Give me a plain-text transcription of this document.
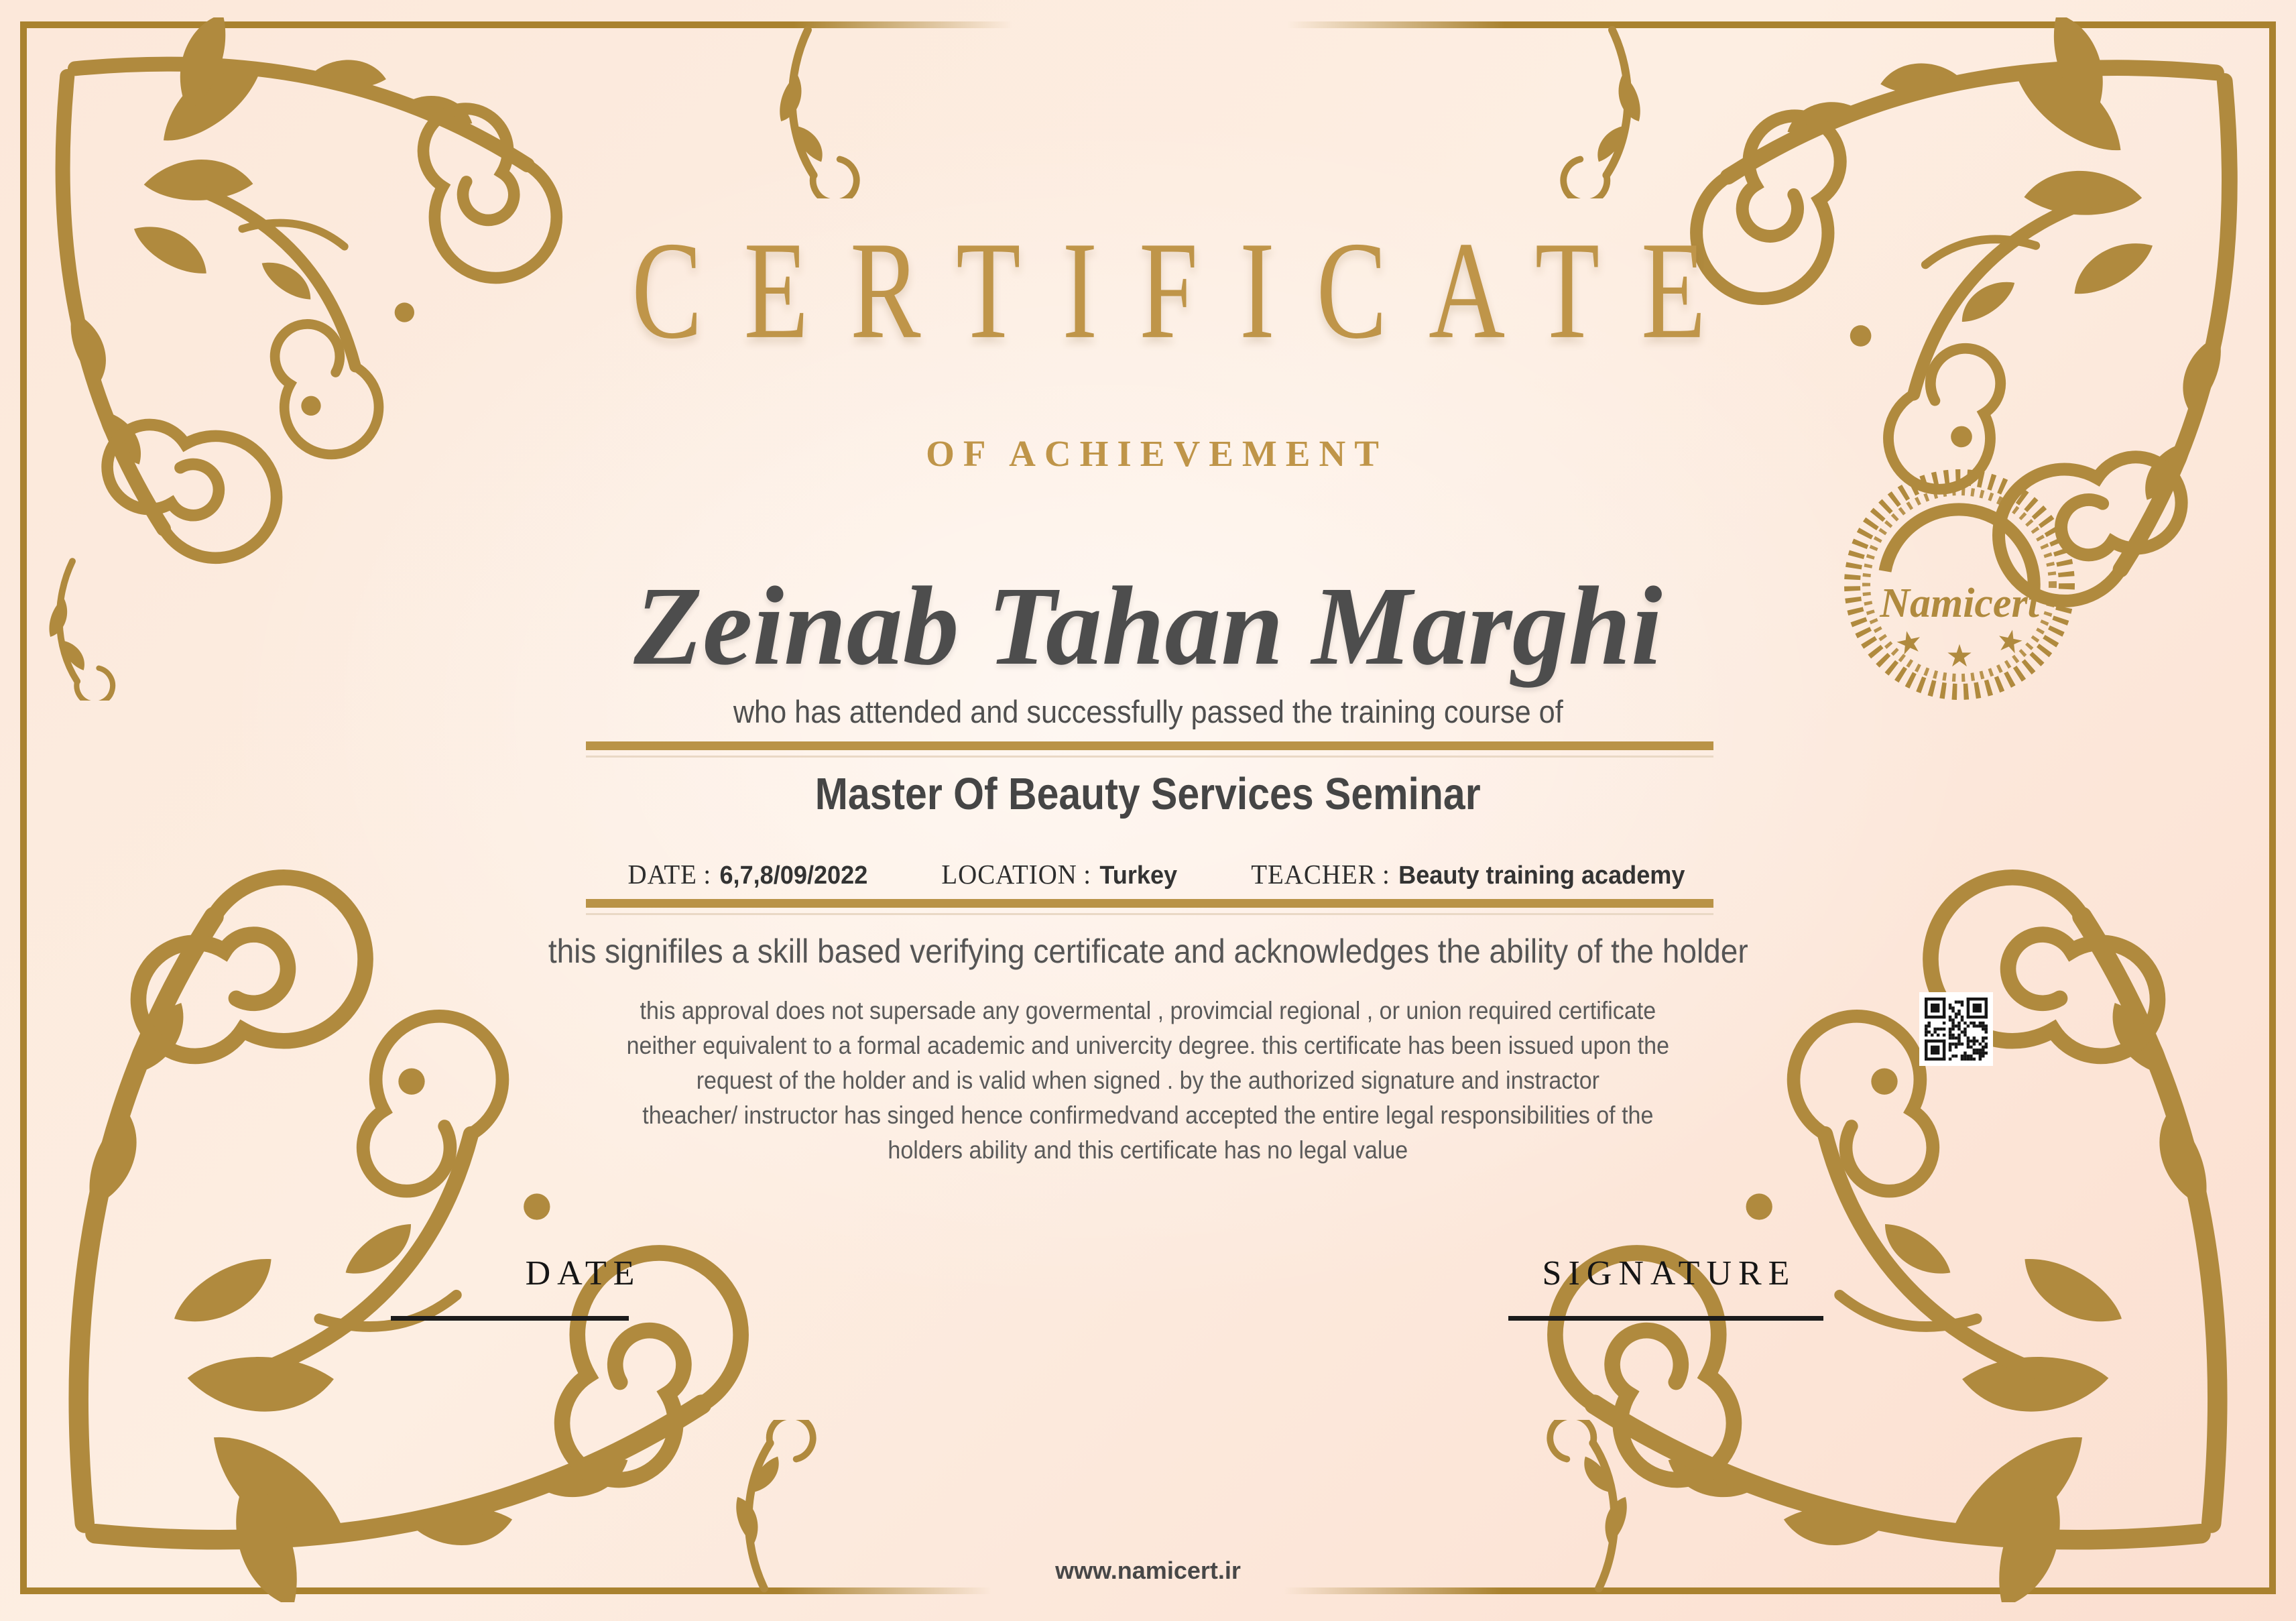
CERTIFICATE
OF ACHIEVEMENT
Namicert
★ ★ ★
Zeinab Tahan Marghi
who has attended and successfully passed the training course of
Master Of Beauty Services Seminar
DATE : 6,7,8/09/2022	LOCATION : Turkey	TEACHER : Beauty training academy
this signifiles a skill based verifying certificate and acknowledges the ability of the holder
this approval does not supersade any govermental , provimcial regional , or union required certificate
neither equivalent to a formal academic and univercity degree. this certificate has been issued upon the
request of the holder and is valid when signed . by the authorized signature and instractor
theacher/ instructor has singed hence confirmedvand accepted the entire legal responsibilities of the
holders ability and this certificate has no legal value
DATE	SIGNATURE
www.namicert.ir
